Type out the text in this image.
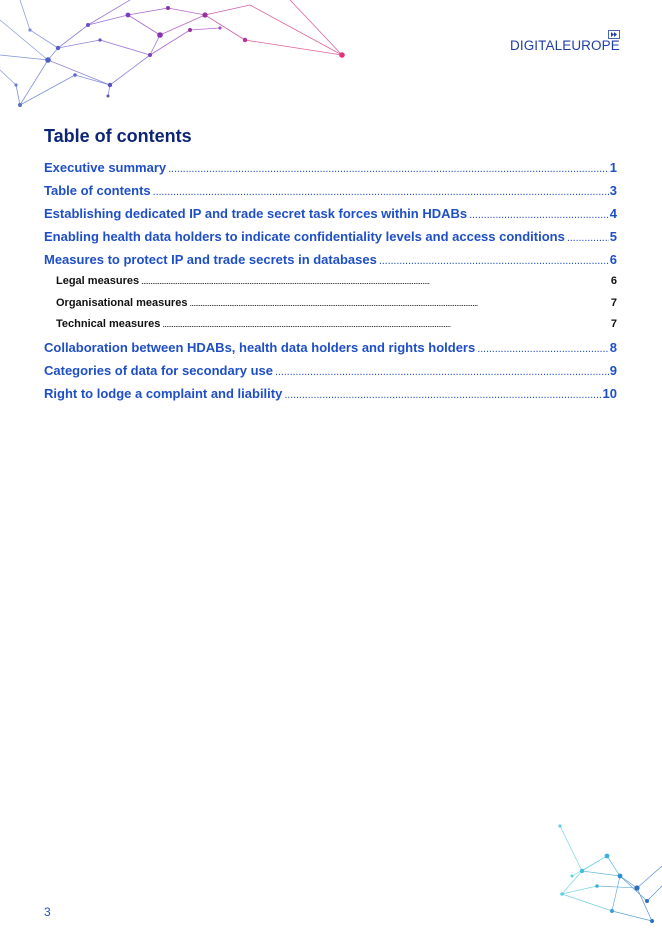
DIGITALEUROPE
Table of contents
Executive summary . . .	1
Table of contents . . .	3
Establishing dedicated IP and trade secret task forces within HDABs . . .	4
Enabling health data holders to indicate confidentiality levels and access conditions . . .	5
Measures to protect IP and trade secrets in databases . . .	6
Legal measures . . .	6
Organisational measures . . .	7
Technical measures . . .	7
Collaboration between HDABs, health data holders and rights holders . . .	8
Categories of data for secondary use . . .	9
Right to lodge a complaint and liability . . .	10
3
